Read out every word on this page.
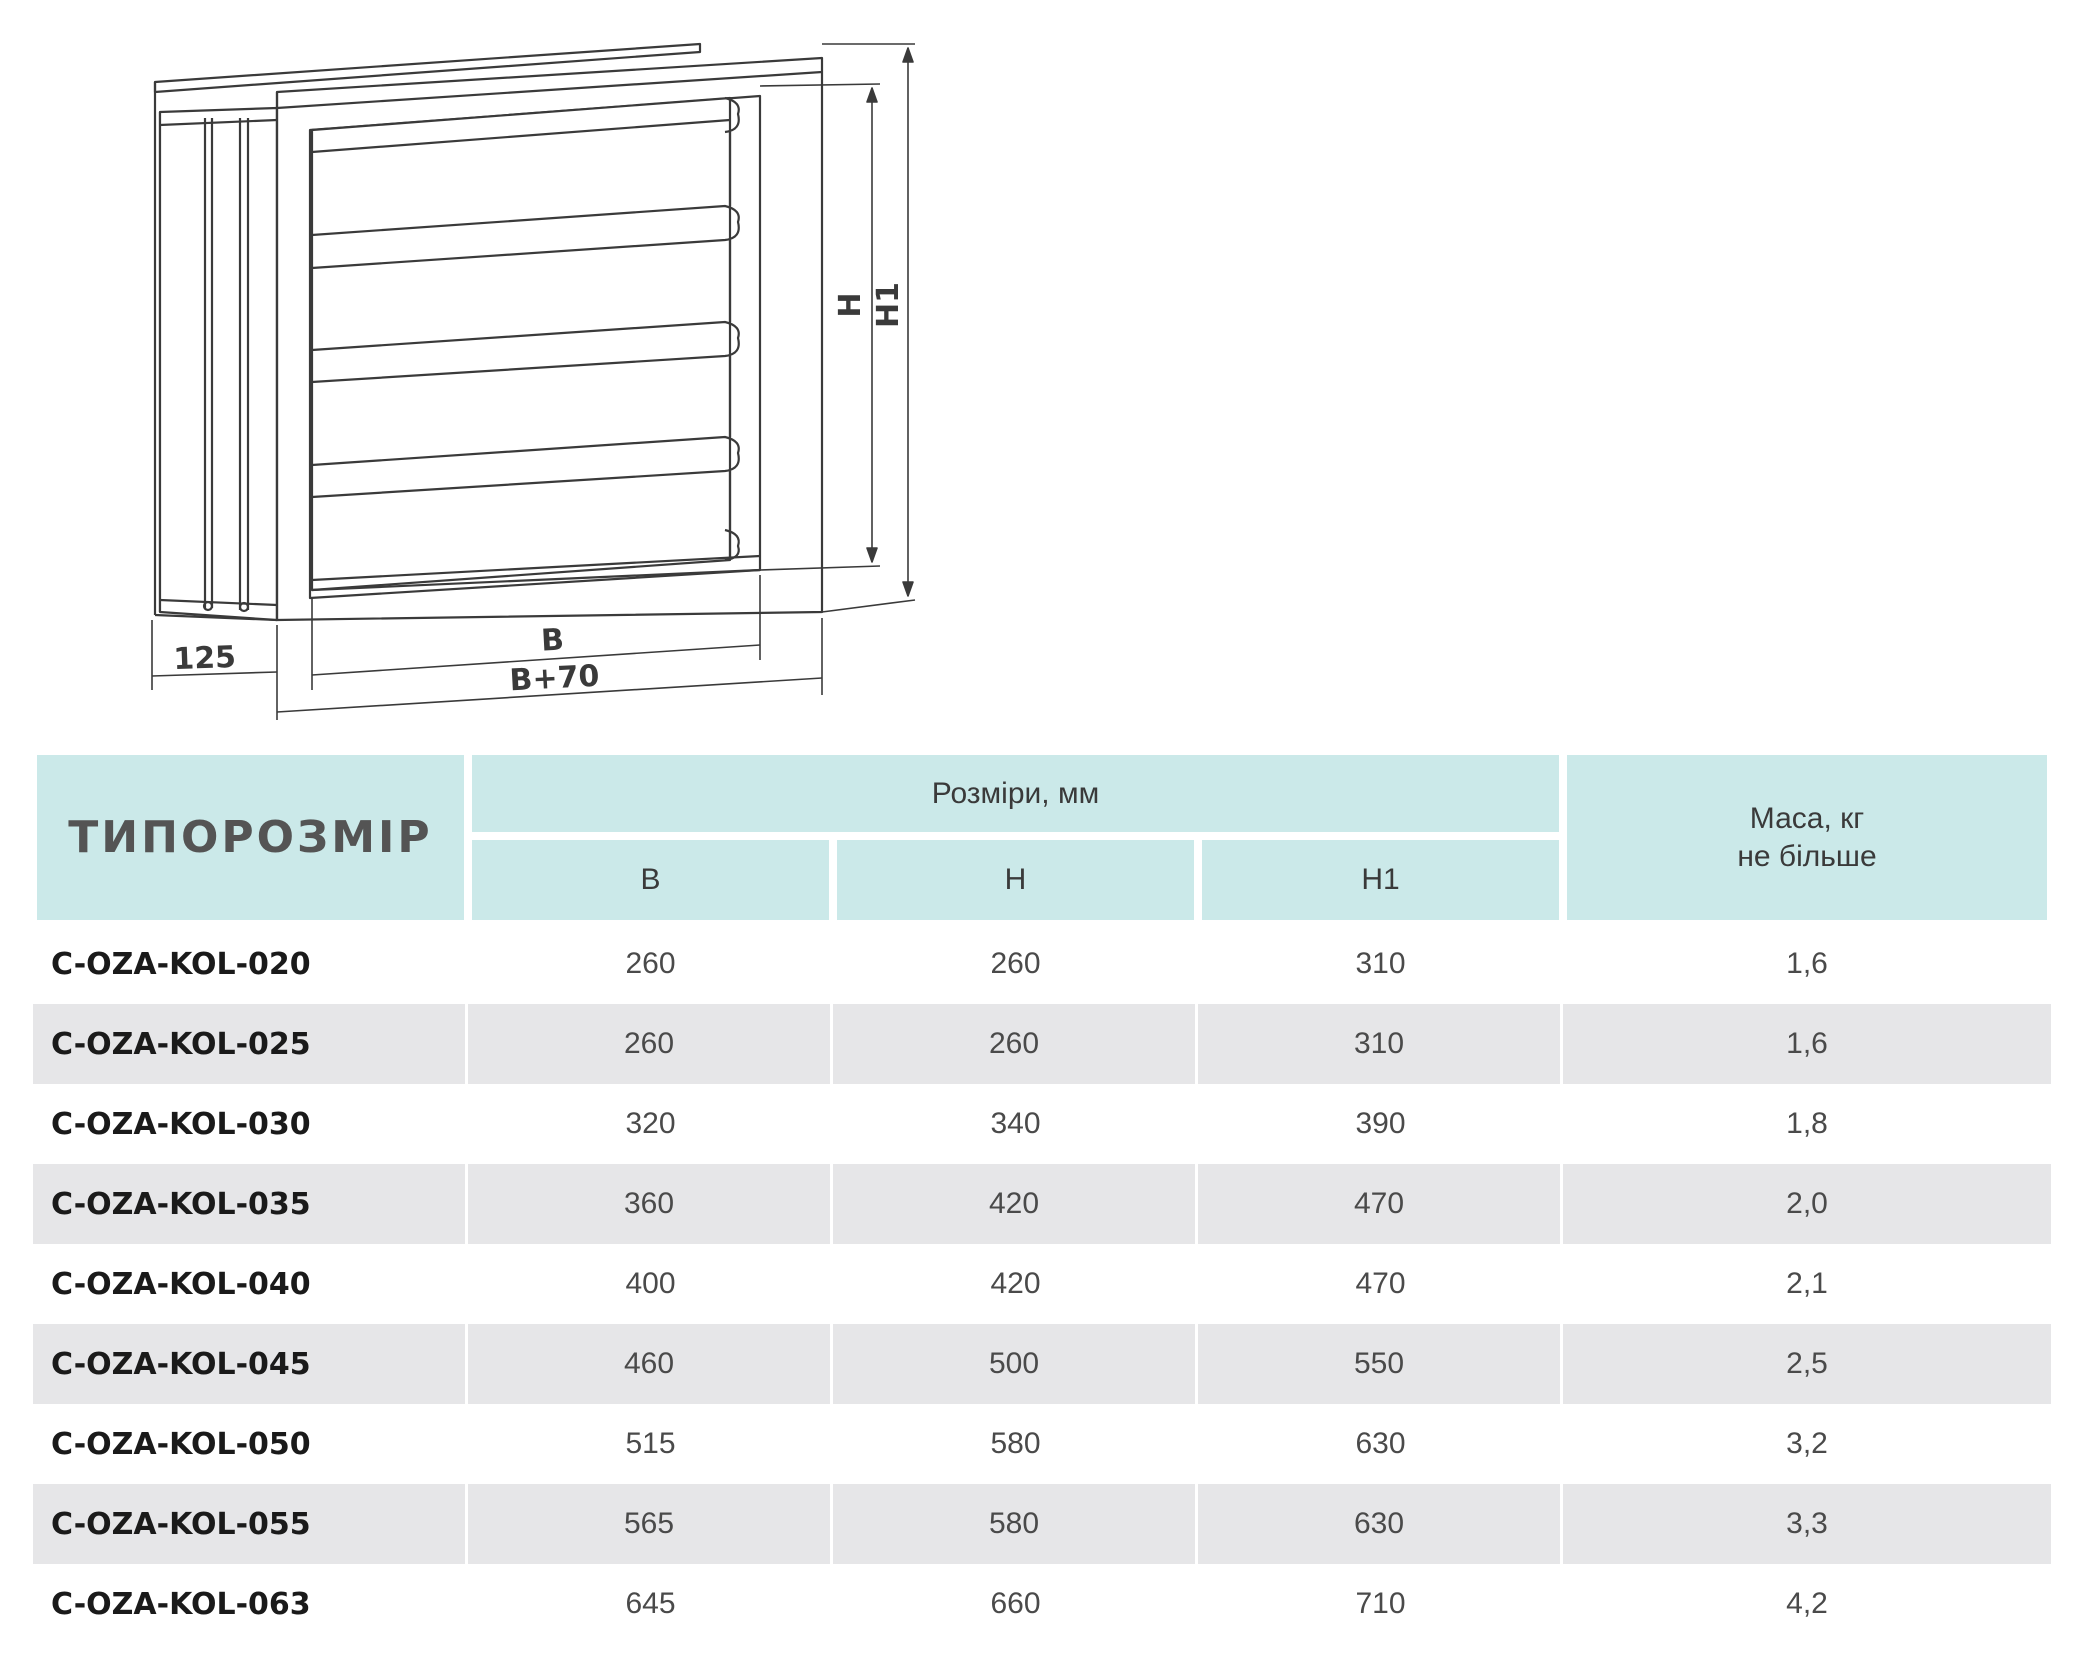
125	B
B+70
H H1
ТИПОРОЗМІР	Розміри, мм			Маса, кг
не більше

	B	H	H1	
C-OZA-KOL-020	260	260	310	1,6
C-OZA-KOL-025	260	260	310	1,6
C-OZA-KOL-030	320	340	390	1,8
C-OZA-KOL-035	360	420	470	2,0
C-OZA-KOL-040	400	420	470	2,1
C-OZA-KOL-045	460	500	550	2,5
C-OZA-KOL-050	515	580	630	3,2
C-OZA-KOL-055	565	580	630	3,3
C-OZA-KOL-063	645	660	710	4,2
